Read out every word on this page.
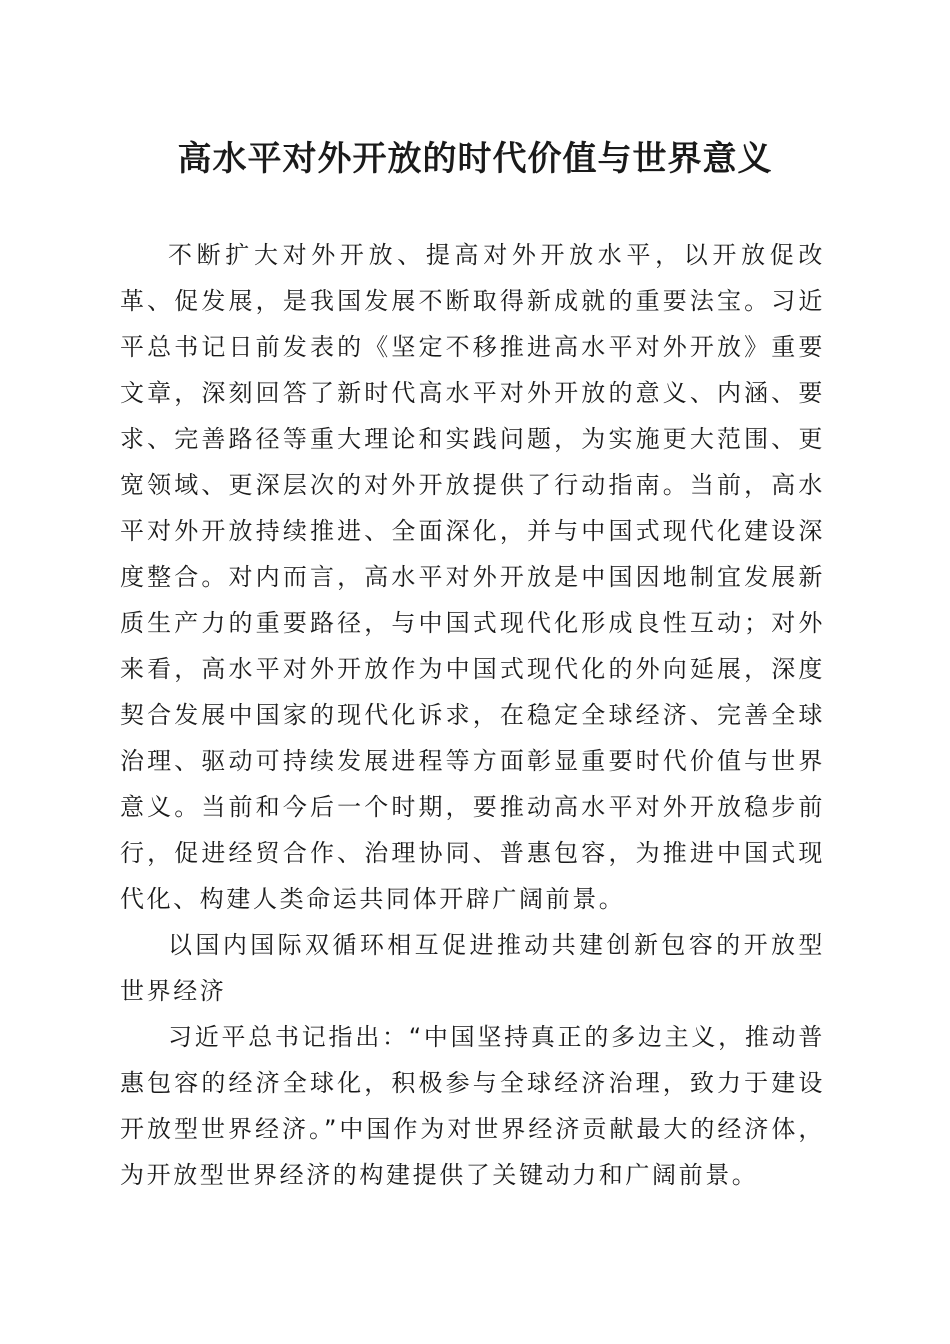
高水平对外开放的时代价值与世界意义

不断扩大对外开放、提高对外开放水平，以开放促改革、促发展，是我国发展不断取得新成就的重要法宝。习近平总书记日前发表的《坚定不移推进高水平对外开放》重要文章，深刻回答了新时代高水平对外开放的意义、内涵、要求、完善路径等重大理论和实践问题，为实施更大范围、更宽领域、更深层次的对外开放提供了行动指南。当前，高水平对外开放持续推进、全面深化，并与中国式现代化建设深度整合。对内而言，高水平对外开放是中国因地制宜发展新质生产力的重要路径，与中国式现代化形成良性互动；对外来看，高水平对外开放作为中国式现代化的外向延展，深度契合发展中国家的现代化诉求，在稳定全球经济、完善全球治理、驱动可持续发展进程等方面彰显重要时代价值与世界意义。当前和今后一个时期，要推动高水平对外开放稳步前行，促进经贸合作、治理协同、普惠包容，为推进中国式现代化、构建人类命运共同体开辟广阔前景。

以国内国际双循环相互促进推动共建创新包容的开放型世界经济

习近平总书记指出：“中国坚持真正的多边主义，推动普惠包容的经济全球化，积极参与全球经济治理，致力于建设开放型世界经济。”中国作为对世界经济贡献最大的经济体，为开放型世界经济的构建提供了关键动力和广阔前景。
